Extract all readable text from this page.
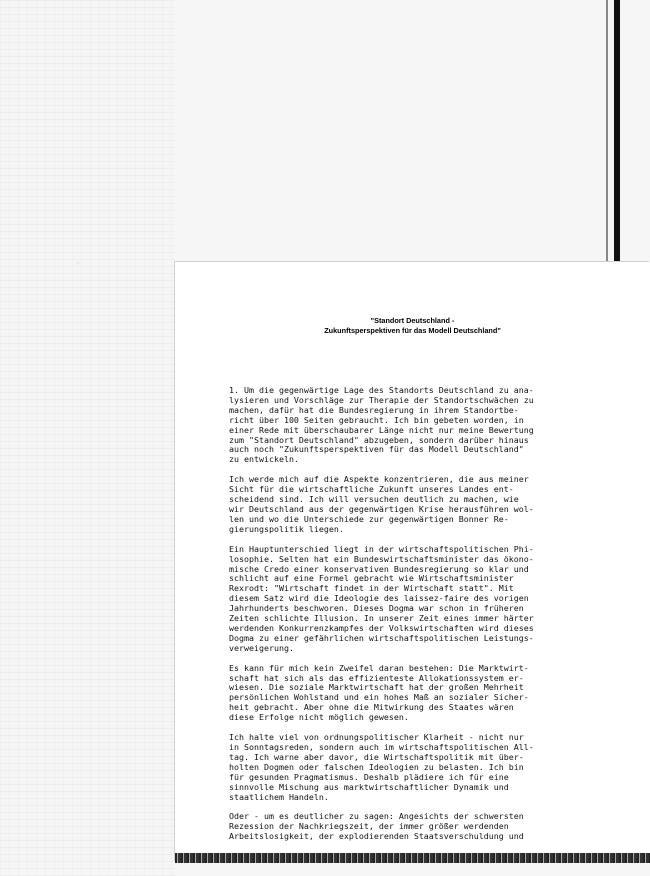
"Standort Deutschland -
Zukunftsperspektiven für das Modell Deutschland"
1. Um die gegenwärtige Lage des Standorts Deutschland zu ana-
lysieren und Vorschläge zur Therapie der Standortschwächen zu
machen, dafür hat die Bundesregierung in ihrem Standortbe-
richt über 100 Seiten gebraucht. Ich bin gebeten worden, in
einer Rede mit überschaubarer Länge nicht nur meine Bewertung
zum "Standort Deutschland" abzugeben, sondern darüber hinaus
auch noch "Zukunftsperspektiven für das Modell Deutschland"
zu entwickeln.
Ich werde mich auf die Aspekte konzentrieren, die aus meiner
Sicht für die wirtschaftliche Zukunft unseres Landes ent-
scheidend sind. Ich will versuchen deutlich zu machen, wie
wir Deutschland aus der gegenwärtigen Krise herausführen wol-
len und wo die Unterschiede zur gegenwärtigen Bonner Re-
gierungspolitik liegen.
Ein Hauptunterschied liegt in der wirtschaftspolitischen Phi-
losophie. Selten hat ein Bundeswirtschaftsminister das ökono-
mische Credo einer konservativen Bundesregierung so klar und
schlicht auf eine Formel gebracht wie Wirtschaftsminister
Rexrodt: "Wirtschaft findet in der Wirtschaft statt". Mit
diesem Satz wird die Ideologie des laissez-faire des vorigen
Jahrhunderts beschworen. Dieses Dogma war schon in früheren
Zeiten schlichte Illusion. In unserer Zeit eines immer härter
werdenden Konkurrenzkampfes der Volkswirtschaften wird dieses
Dogma zu einer gefährlichen wirtschaftspolitischen Leistungs-
verweigerung.
Es kann für mich kein Zweifel daran bestehen: Die Marktwirt-
schaft hat sich als das effizienteste Allokationssystem er-
wiesen. Die soziale Marktwirtschaft hat der großen Mehrheit
persönlichen Wohlstand und ein hohes Maß an sozialer Sicher-
heit gebracht. Aber ohne die Mitwirkung des Staates wären
diese Erfolge nicht möglich gewesen.
Ich halte viel von ordnungspolitischer Klarheit - nicht nur
in Sonntagsreden, sondern auch im wirtschaftspolitischen All-
tag. Ich warne aber davor, die Wirtschaftspolitik mit über-
holten Dogmen oder falschen Ideologien zu belasten. Ich bin
für gesunden Pragmatismus. Deshalb plädiere ich für eine
sinnvolle Mischung aus marktwirtschaftlicher Dynamik und
staatlichem Handeln.
Oder - um es deutlicher zu sagen: Angesichts der schwersten
Rezession der Nachkriegszeit, der immer größer werdenden
Arbeitslosigkeit, der explodierenden Staatsverschuldung und
